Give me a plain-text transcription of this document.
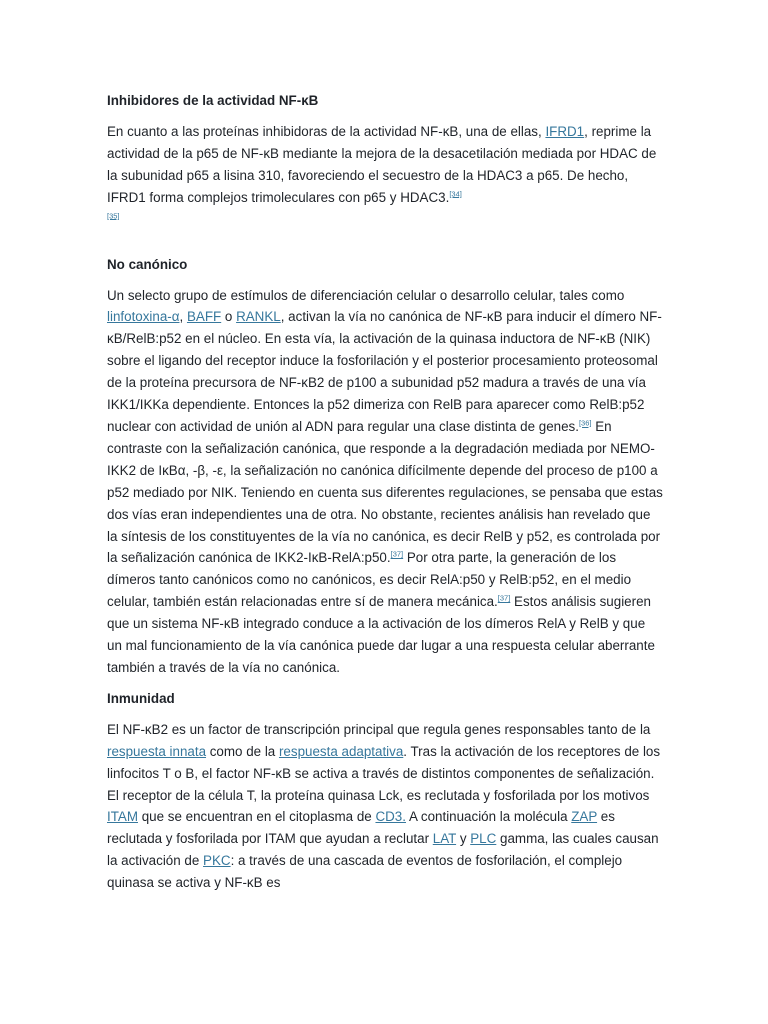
Inhibidores de la actividad NF-κB

En cuanto a las proteínas inhibidoras de la actividad NF-κB, una de ellas, IFRD1, reprime la actividad de la p65 de NF-κB mediante la mejora de la desacetilación mediada por HDAC de la subunidad p65 a lisina 310, favoreciendo el secuestro de la HDAC3 a p65. De hecho, IFRD1 forma complejos trimoleculares con p65 y HDAC3.[34]
[35]

No canónico

Un selecto grupo de estímulos de diferenciación celular o desarrollo celular, tales como linfotoxina-α, BAFF o RANKL, activan la vía no canónica de NF-κB para inducir el dímero NF-κB/RelB:p52 en el núcleo. En esta vía, la activación de la quinasa inductora de NF-κB (NIK) sobre el ligando del receptor induce la fosforilación y el posterior procesamiento proteosomal de la proteína precursora de NF-κB2 de p100 a subunidad p52 madura a través de una vía IKK1/IKKa dependiente. Entonces la p52 dimeriza con RelB para aparecer como RelB:p52 nuclear con actividad de unión al ADN para regular una clase distinta de genes.[36] En contraste con la señalización canónica, que responde a la degradación mediada por NEMO-IKK2 de IκBα, -β, -ε, la señalización no canónica difícilmente depende del proceso de p100 a p52 mediado por NIK. Teniendo en cuenta sus diferentes regulaciones, se pensaba que estas dos vías eran independientes una de otra. No obstante, recientes análisis han revelado que la síntesis de los constituyentes de la vía no canónica, es decir RelB y p52, es controlada por la señalización canónica de IKK2-IκB-RelA:p50.[37] Por otra parte, la generación de los dímeros tanto canónicos como no canónicos, es decir RelA:p50 y RelB:p52, en el medio celular, también están relacionadas entre sí de manera mecánica.[37] Estos análisis sugieren que un sistema NF-κB integrado conduce a la activación de los dímeros RelA y RelB y que un mal funcionamiento de la vía canónica puede dar lugar a una respuesta celular aberrante también a través de la vía no canónica.

Inmunidad

El NF-κB2 es un factor de transcripción principal que regula genes responsables tanto de la respuesta innata como de la respuesta adaptativa. Tras la activación de los receptores de los linfocitos T o B, el factor NF-κB se activa a través de distintos componentes de señalización. El receptor de la célula T, la proteína quinasa Lck, es reclutada y fosforilada por los motivos ITAM que se encuentran en el citoplasma de CD3. A continuación la molécula ZAP es reclutada y fosforilada por ITAM que ayudan a reclutar LAT y PLC gamma, las cuales causan la activación de PKC: a través de una cascada de eventos de fosforilación, el complejo quinasa se activa y NF-κB es
